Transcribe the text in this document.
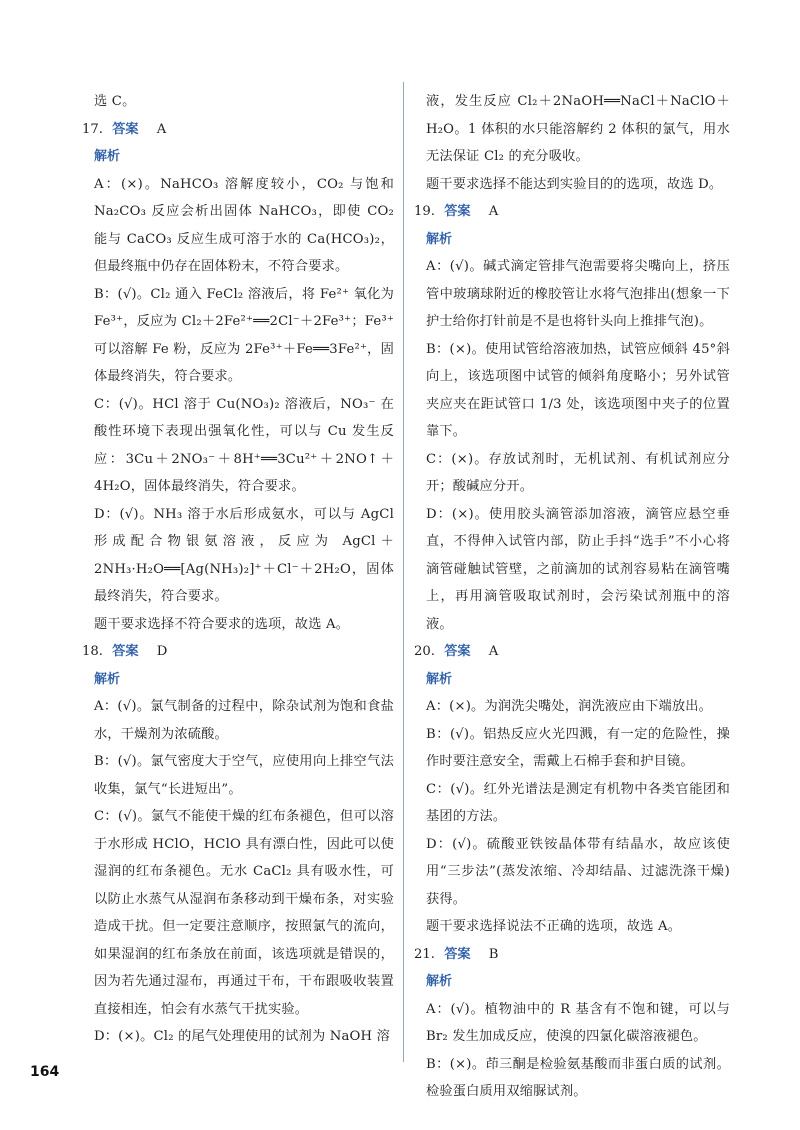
选 C。

17. 答案 A

解析

A：(×)。NaHCO₃ 溶解度较小，CO₂ 与饱和 Na₂CO₃ 反应会析出固体 NaHCO₃，即使 CO₂ 能与 CaCO₃ 反应生成可溶于水的 Ca(HCO₃)₂，但最终瓶中仍存在固体粉末，不符合要求。

B：(√)。Cl₂ 通入 FeCl₂ 溶液后，将 Fe²⁺ 氧化为 Fe³⁺，反应为 Cl₂＋2Fe²⁺══2Cl⁻＋2Fe³⁺；Fe³⁺ 可以溶解 Fe 粉，反应为 2Fe³⁺＋Fe══3Fe²⁺，固体最终消失，符合要求。

C：(√)。HCl 溶于 Cu(NO₃)₂ 溶液后，NO₃⁻ 在酸性环境下表现出强氧化性，可以与 Cu 发生反应：3Cu＋2NO₃⁻＋8H⁺══3Cu²⁺＋2NO↑＋4H₂O，固体最终消失，符合要求。

D：(√)。NH₃ 溶于水后形成氨水，可以与 AgCl 形成配合物银氨溶液，反应为 AgCl＋2NH₃·H₂O══[Ag(NH₃)₂]⁺＋Cl⁻＋2H₂O，固体最终消失，符合要求。

题干要求选择不符合要求的选项，故选 A。

18. 答案 D

解析

A：(√)。氯气制备的过程中，除杂试剂为饱和食盐水，干燥剂为浓硫酸。

B：(√)。氯气密度大于空气，应使用向上排空气法收集，氯气“长进短出”。

C：(√)。氯气不能使干燥的红布条褪色，但可以溶于水形成 HClO，HClO 具有漂白性，因此可以使湿润的红布条褪色。无水 CaCl₂ 具有吸水性，可以防止水蒸气从湿润布条移动到干燥布条，对实验造成干扰。但一定要注意顺序，按照氯气的流向，如果湿润的红布条放在前面，该选项就是错误的，因为若先通过湿布，再通过干布，干布跟吸收装置直接相连，怕会有水蒸气干扰实验。

D：(×)。Cl₂ 的尾气处理使用的试剂为 NaOH 溶

液，发生反应 Cl₂＋2NaOH══NaCl＋NaClO＋H₂O。1 体积的水只能溶解约 2 体积的氯气，用水无法保证 Cl₂ 的充分吸收。

题干要求选择不能达到实验目的的选项，故选 D。

19. 答案 A

解析

A：(√)。碱式滴定管排气泡需要将尖嘴向上，挤压管中玻璃球附近的橡胶管让水将气泡排出(想象一下护士给你打针前是不是也将针头向上推排气泡)。

B：(×)。使用试管给溶液加热，试管应倾斜 45°斜向上，该选项图中试管的倾斜角度略小；另外试管夹应夹在距试管口 1/3 处，该选项图中夹子的位置靠下。

C：(×)。存放试剂时，无机试剂、有机试剂应分开；酸碱应分开。

D：(×)。使用胶头滴管添加溶液，滴管应悬空垂直，不得伸入试管内部，防止手抖“选手”不小心将滴管碰触试管壁，之前滴加的试剂容易粘在滴管嘴上，再用滴管吸取试剂时，会污染试剂瓶中的溶液。

20. 答案 A

解析

A：(×)。为润洗尖嘴处，润洗液应由下端放出。

B：(√)。铝热反应火光四溅，有一定的危险性，操作时要注意安全，需戴上石棉手套和护目镜。

C：(√)。红外光谱法是测定有机物中各类官能团和基团的方法。

D：(√)。硫酸亚铁铵晶体带有结晶水，故应该使用“三步法”(蒸发浓缩、冷却结晶、过滤洗涤干燥)获得。

题干要求选择说法不正确的选项，故选 A。

21. 答案 B

解析

A：(√)。植物油中的 R 基含有不饱和键，可以与 Br₂ 发生加成反应，使溴的四氯化碳溶液褪色。

B：(×)。茚三酮是检验氨基酸而非蛋白质的试剂。检验蛋白质用双缩脲试剂。

164
